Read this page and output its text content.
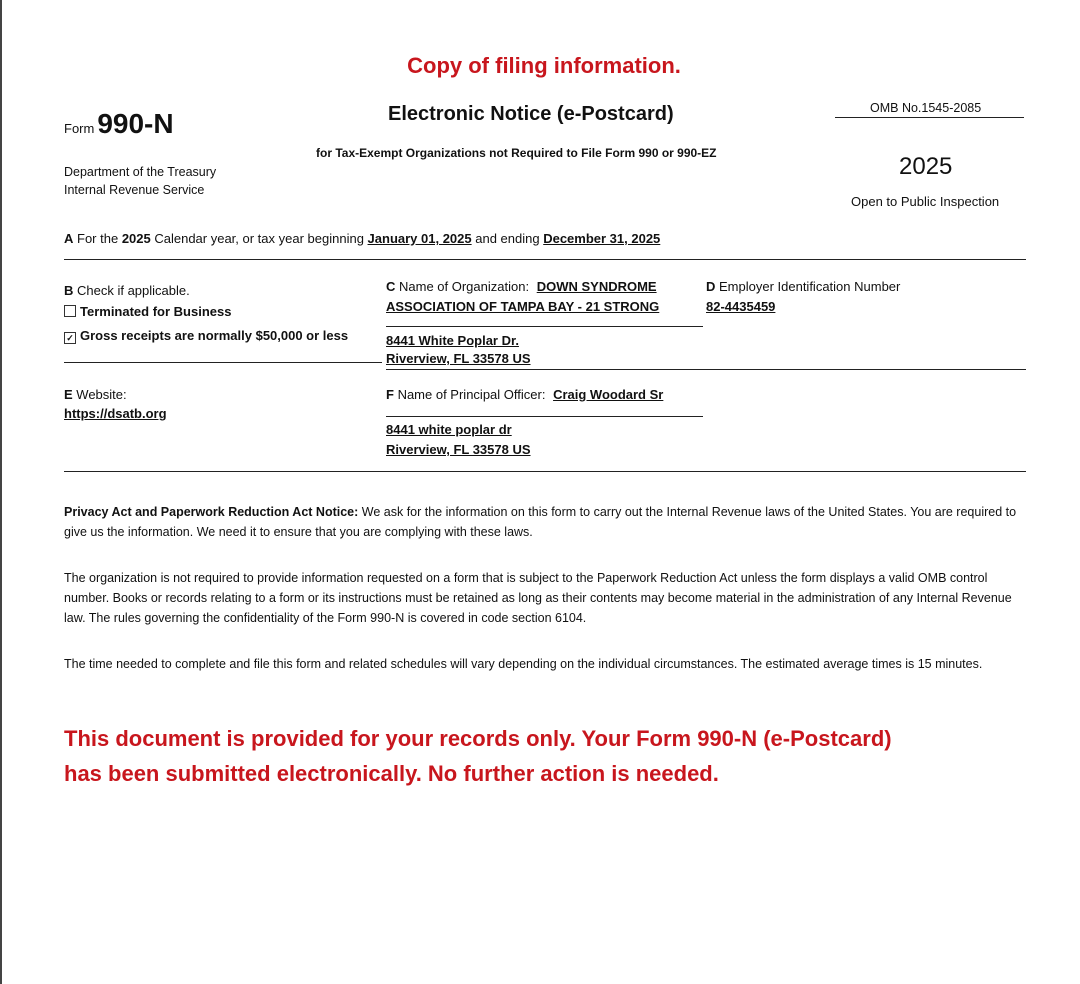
Copy of filing information.
Form 990-N	Electronic Notice (e-Postcard)
for Tax-Exempt Organizations not Required to File Form 990 or 990-EZ
OMB No.1545-2085
2025
Department of the Treasury
Internal Revenue Service
Open to Public Inspection
A For the 2025 Calendar year, or tax year beginning January 01, 2025 and ending December 31, 2025
B Check if applicable.
Terminated for Business
✓ Gross receipts are normally $50,000 or less
C Name of Organization: DOWN SYNDROME
ASSOCIATION OF TAMPA BAY - 21 STRONG
8441 White Poplar Dr.
Riverview, FL 33578 US
D Employer Identification Number
82-4435459
E Website:
https://dsatb.org
F Name of Principal Officer: Craig Woodard Sr
8441 white poplar dr
Riverview, FL 33578 US
Privacy Act and Paperwork Reduction Act Notice: We ask for the information on this form to carry out the Internal Revenue laws of the United States. You are required to give us the information. We need it to ensure that you are complying with these laws.
The organization is not required to provide information requested on a form that is subject to the Paperwork Reduction Act unless the form displays a valid OMB control number. Books or records relating to a form or its instructions must be retained as long as their contents may become material in the administration of any Internal Revenue law. The rules governing the confidentiality of the Form 990-N is covered in code section 6104.
The time needed to complete and file this form and related schedules will vary depending on the individual circumstances. The estimated average times is 15 minutes.
This document is provided for your records only. Your Form 990-N (e-Postcard)
has been submitted electronically. No further action is needed.
